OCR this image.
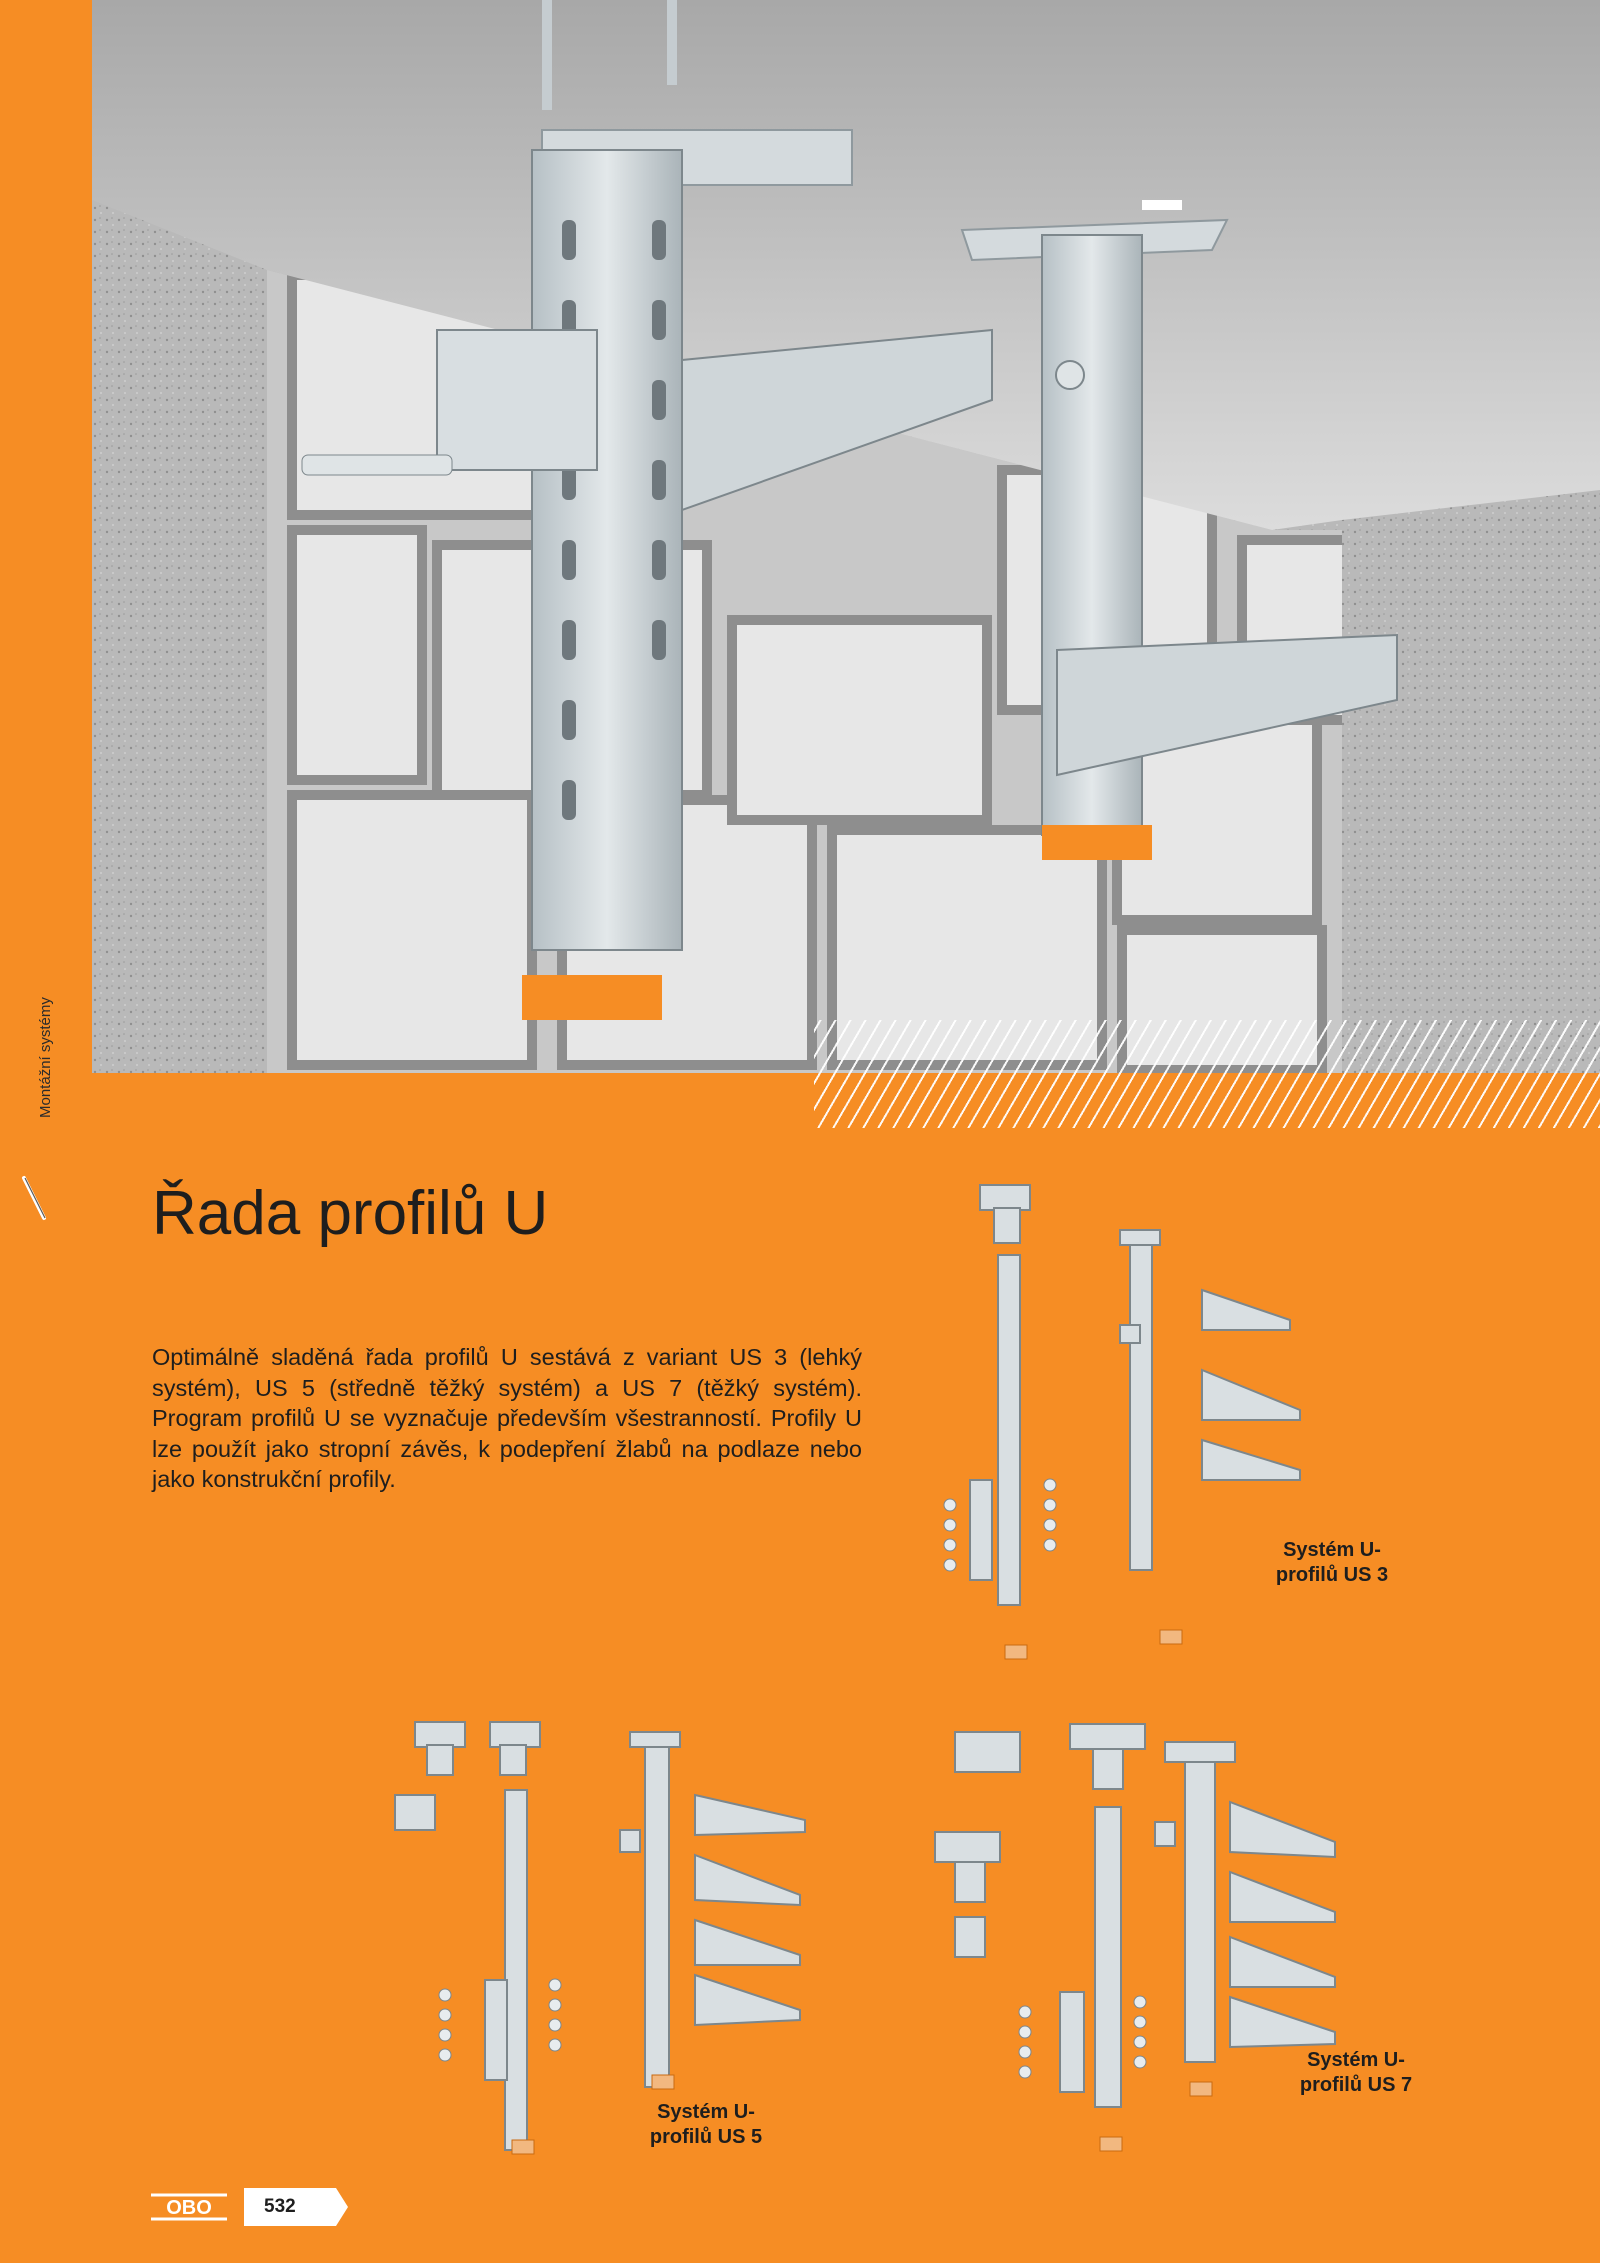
Montážní systémy
Řada profilů U

Optimálně sladěná řada profilů U sestává z variant US 3 (lehký systém), US 5 (středně těžký systém) a US 7 (těžký systém). Program profilů U se vyznačuje především všestranností. Profily U lze použít jako stropní závěs, k podepření žlabů na podlaze nebo jako konstrukční profily.

Systém U-
profilů US 3
Systém U-
profilů US 5
Systém U-
profilů US 7
OBO	532
